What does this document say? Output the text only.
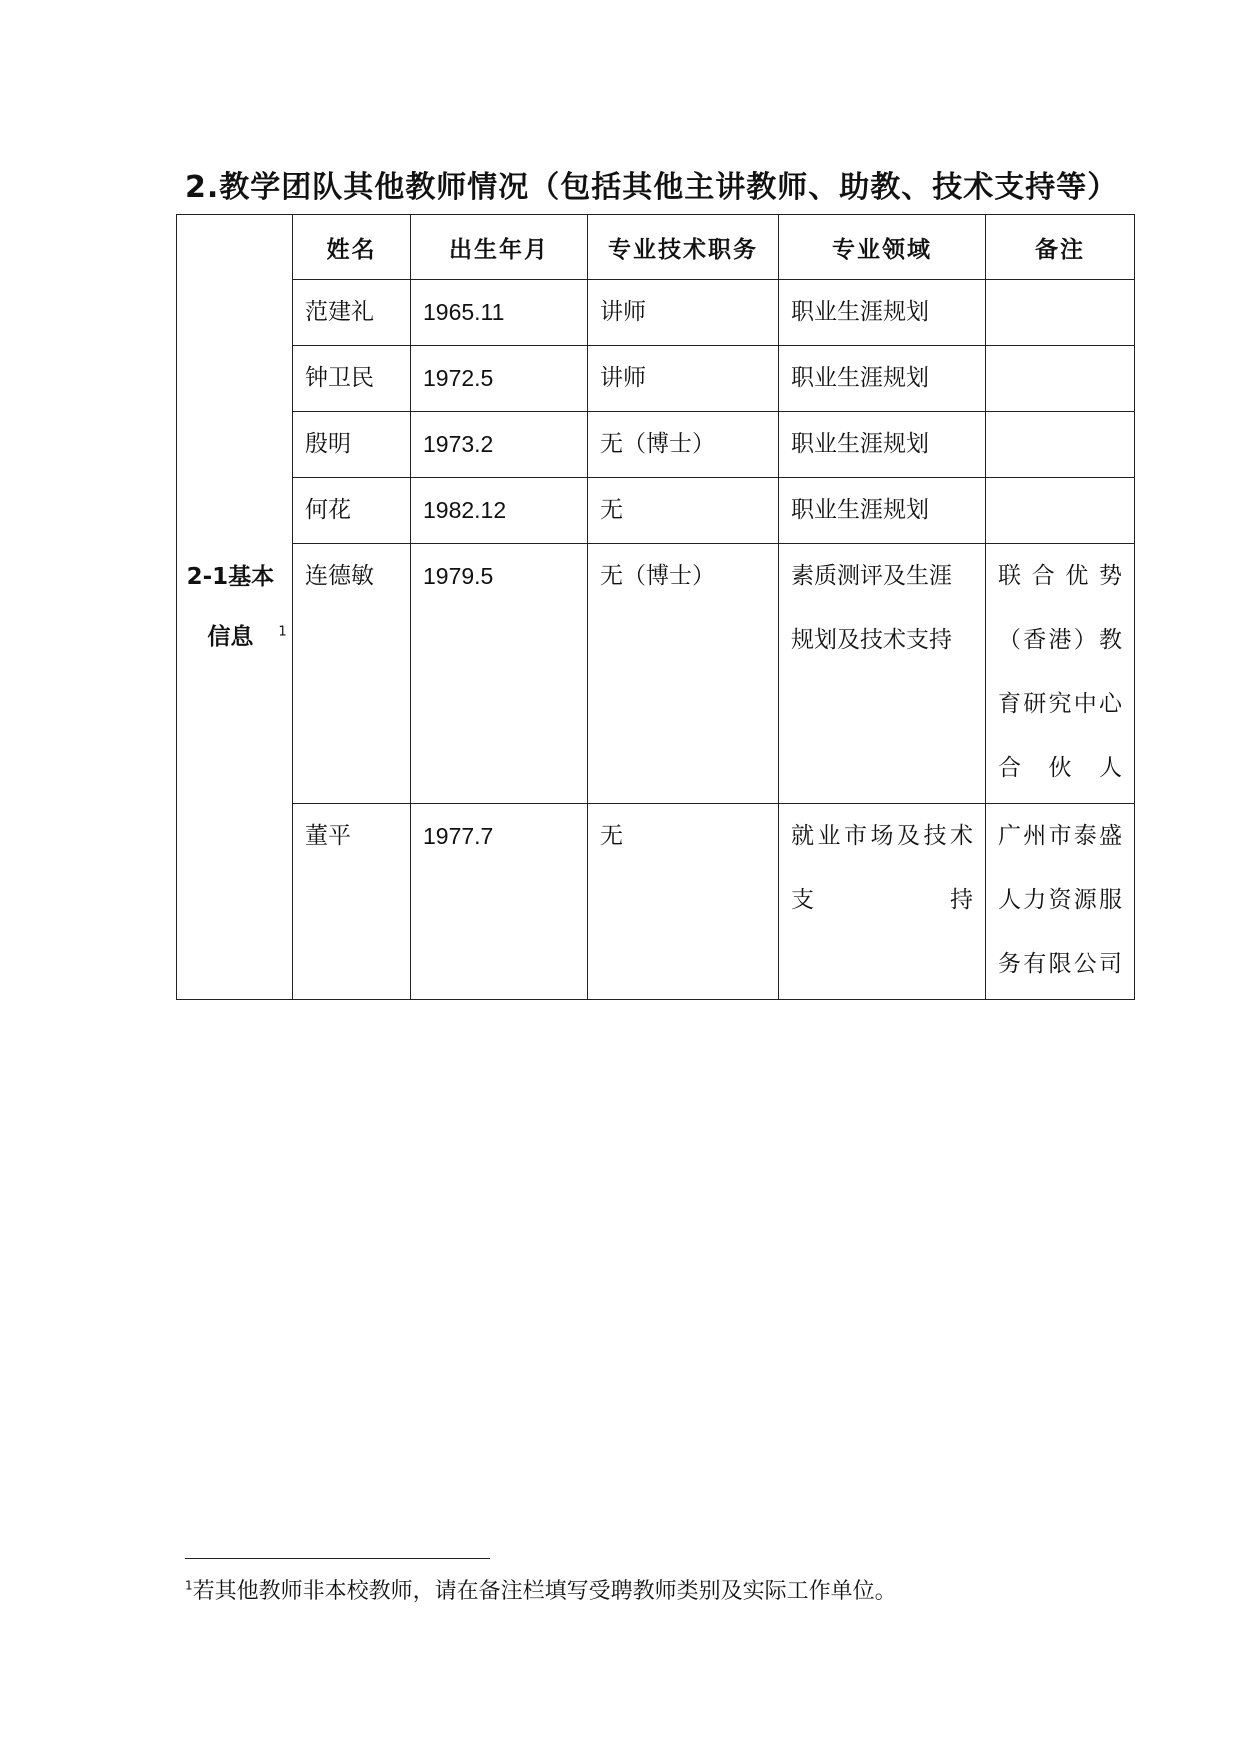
2.教学团队其他教师情况（包括其他主讲教师、助教、技术支持等）
2-1基本信息 $^1$	姓名	出生年月	专业技术职务	专业领域	备注

	范建礼	1965.11	讲师	职业生涯规划	

	钟卫民	1972.5	讲师	职业生涯规划	

	殷明	1973.2	无（博士）	职业生涯规划	

	何花	1982.12	无	职业生涯规划	

	连德敏	1979.5	无（博士）	素质测评及生涯规划及技术支持	联合优势（香港）教育研究中心合伙人

	董平	1977.7	无	就业市场及技术支持	广州市泰盛人力资源服务有限公司
$^1$若其他教师非本校教师，请在备注栏填写受聘教师类别及实际工作单位。
